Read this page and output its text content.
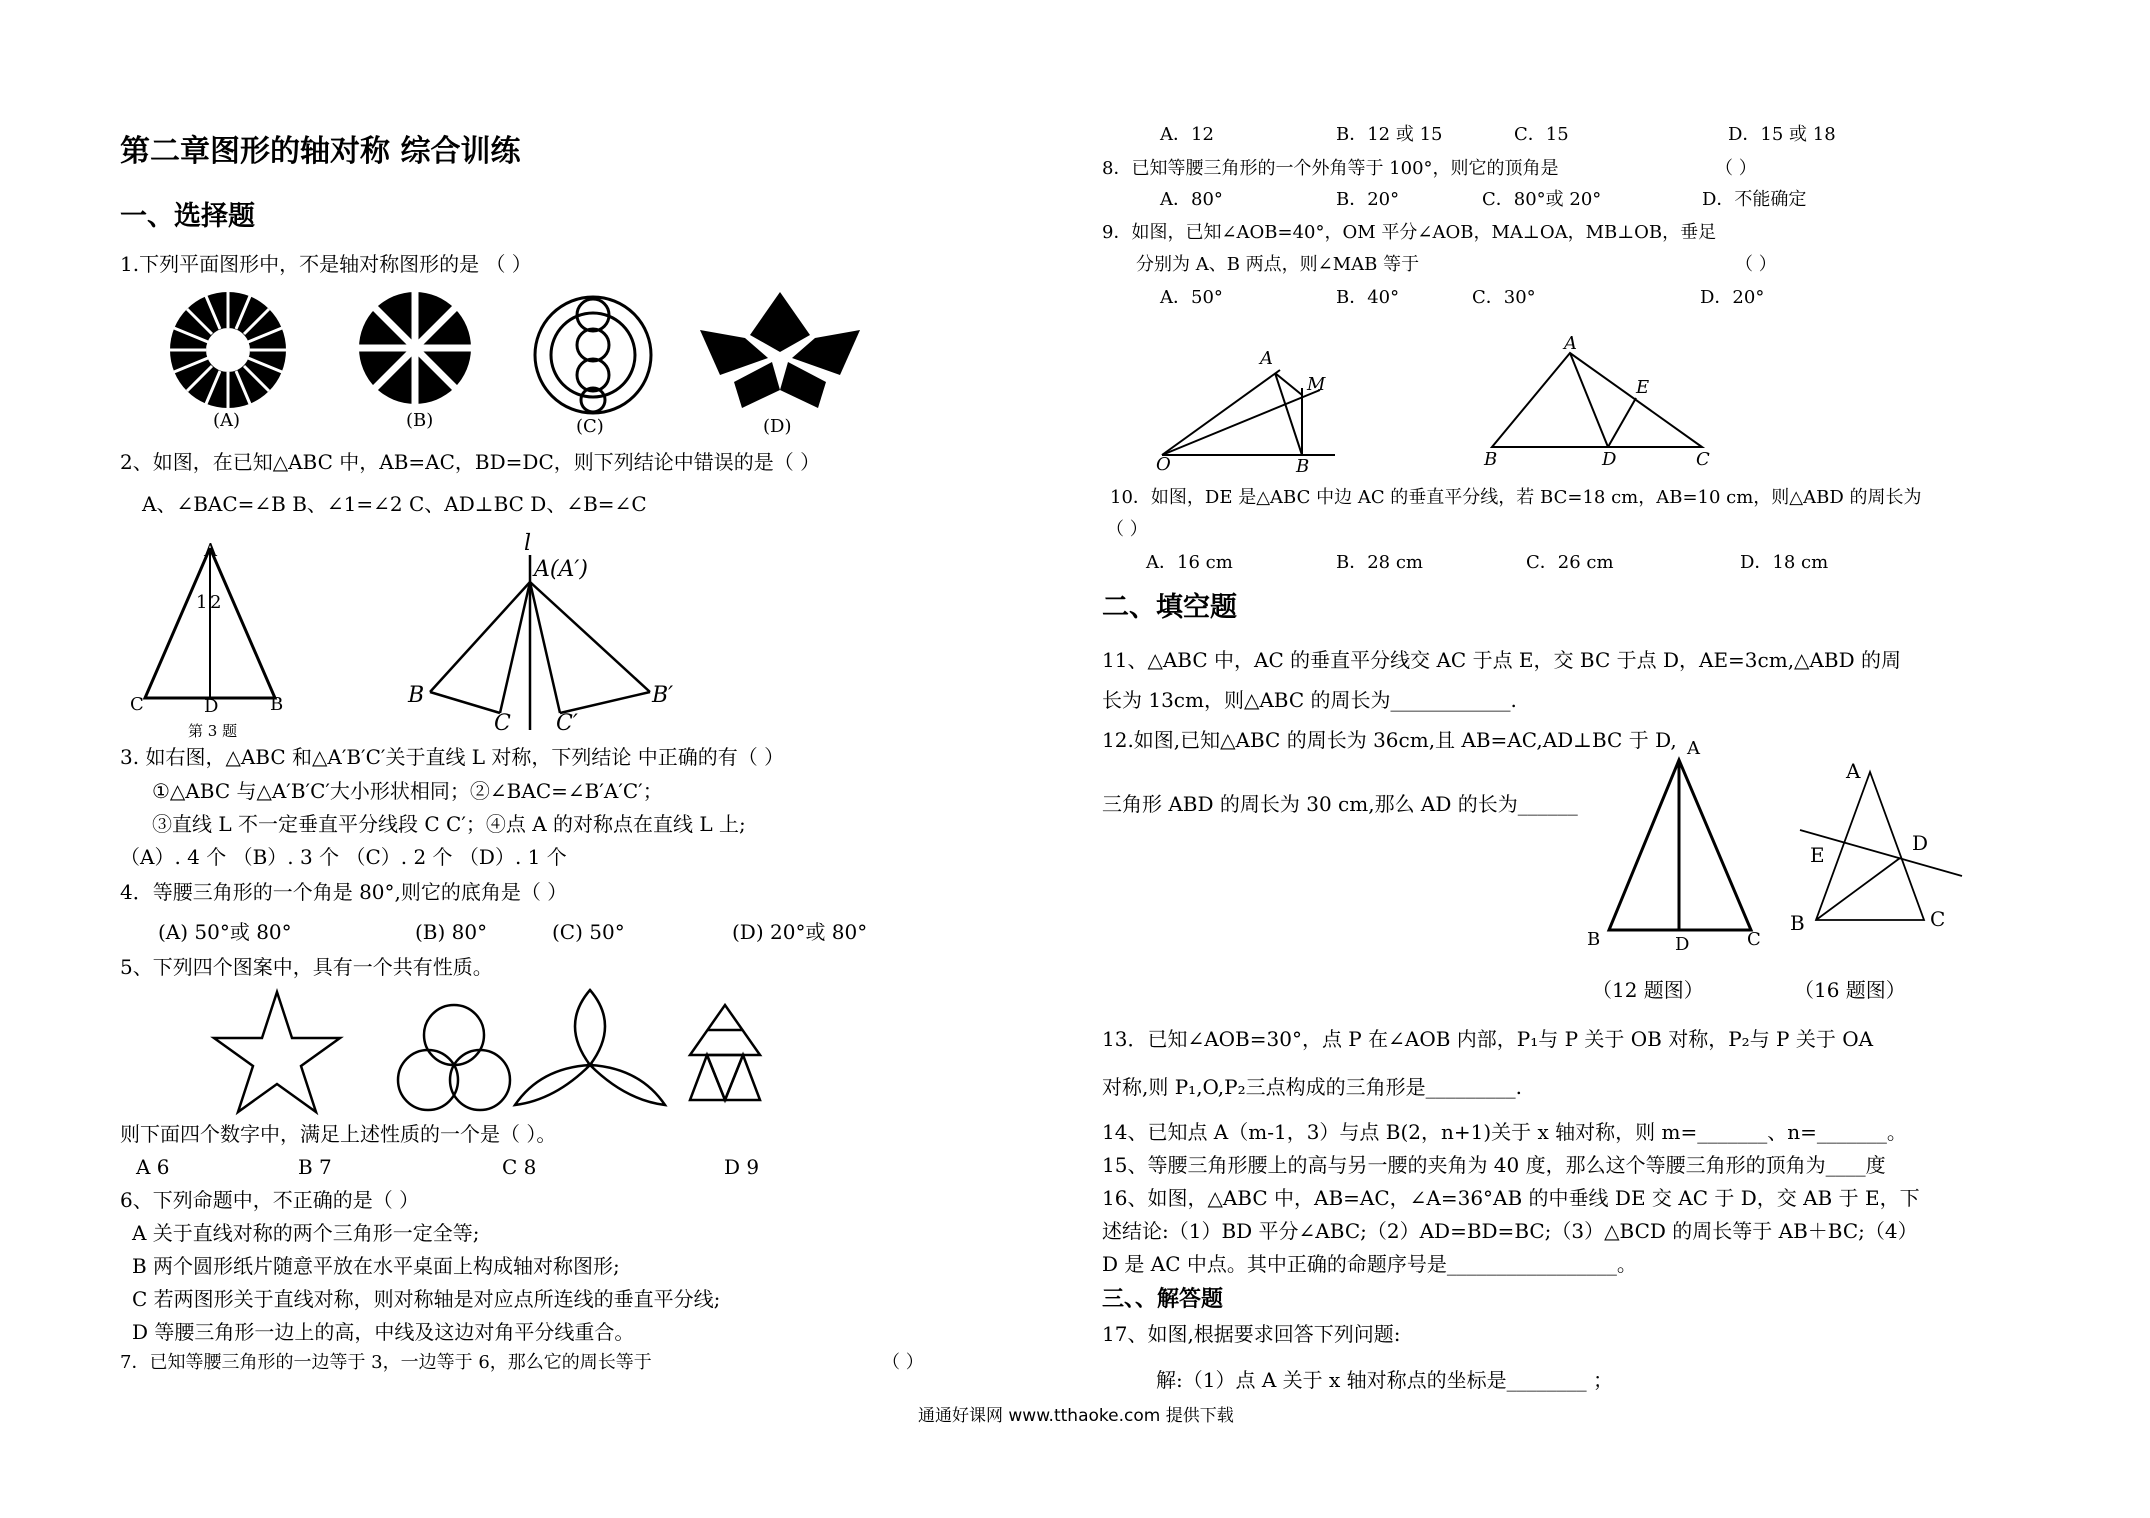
第二章图形的轴对称 综合训练
一、选择题
1.下列平面图形中，不是轴对称图形的是 （ ）
(A)	(B)	(C)	(D)
2、如图，在已知△ABC 中，AB=AC，BD=DC，则下列结论中错误的是（ ）
A、∠BAC=∠B B、∠1=∠2 C、AD⊥BC D、∠B=∠C
A
1 2
C	D	B
第 3 题
l
A(A′)
B
C C′
B′
3. 如右图，△ABC 和△A′B′C′关于直线 L 对称，下列结论 中正确的有（ ）
①△ABC 与△A′B′C′大小形状相同；②∠BAC=∠B′A′C′；
③直线 L 不一定垂直平分线段 C C′；④点 A 的对称点在直线 L 上;
（A）. 4 个 （B）. 3 个 （C）. 2 个 （D）. 1 个
4．等腰三角形的一个角是 80°,则它的底角是（ ）
(A) 50°或 80°	(B) 80°	(C) 50°	(D) 20°或 80°
5、下列四个图案中，具有一个共有性质。
则下面四个数字中，满足上述性质的一个是（ ）。
A 6	B 7	C 8	D 9
6、下列命题中，不正确的是（ ）
A 关于直线对称的两个三角形一定全等;
B 两个圆形纸片随意平放在水平桌面上构成轴对称图形;
C 若两图形关于直线对称，则对称轴是对应点所连线的垂直平分线;
D 等腰三角形一边上的高，中线及这边对角平分线重合。
7．已知等腰三角形的一边等于 3，一边等于 6，那么它的周长等于	（ ）
A．12	B．12 或 15	C．15	D．15 或 18
8．已知等腰三角形的一个外角等于 100°，则它的顶角是	（ ）
A．80°	B．20°	C．80°或 20°	D．不能确定
9．如图，已知∠AOB=40°，OM 平分∠AOB，MA⊥OA，MB⊥OB，垂足
分别为 A、B 两点，则∠MAB 等于	（ ）
A．50°	B．40°	C．30°	D．20°
A
M
O	B
A
E
B	D	C
10．如图，DE 是△ABC 中边 AC 的垂直平分线，若 BC=18 cm，AB=10 cm，则△ABD 的周长为
（ ）
A．16 cm	B．28 cm	C．26 cm	D．18 cm
二、填空题
11、△ABC 中，AC 的垂直平分线交 AC 于点 E，交 BC 于点 D，AE=3cm,△ABD 的周
长为 13cm，则△ABC 的周长为____________.
12.如图,已知△ABC 的周长为 36cm,且 AB=AC,AD⊥BC 于 D,
三角形 ABD 的周长为 30 cm,那么 AD 的长为______
A
B	D	C
A
E	D
B	C
（12 题图）	（16 题图）
13．已知∠AOB=30°，点 P 在∠AOB 内部，P₁与 P 关于 OB 对称，P₂与 P 关于 OA
对称,则 P₁,O,P₂三点构成的三角形是_________.
14、已知点 A（m-1，3）与点 B(2，n+1)关于 x 轴对称，则 m=_______、n=_______。
15、等腰三角形腰上的高与另一腰的夹角为 40 度，那么这个等腰三角形的顶角为____度
16、如图，△ABC 中，AB=AC，∠A=36°AB 的中垂线 DE 交 AC 于 D，交 AB 于 E，下
述结论:（1）BD 平分∠ABC;（2）AD=BD=BC;（3）△BCD 的周长等于 AB＋BC;（4）
D 是 AC 中点。其中正确的命题序号是_________________。
三、、解答题
17、如图,根据要求回答下列问题:
解:（1）点 A 关于 x 轴对称点的坐标是________ ；
通通好课网 www.tthaoke.com 提供下载
